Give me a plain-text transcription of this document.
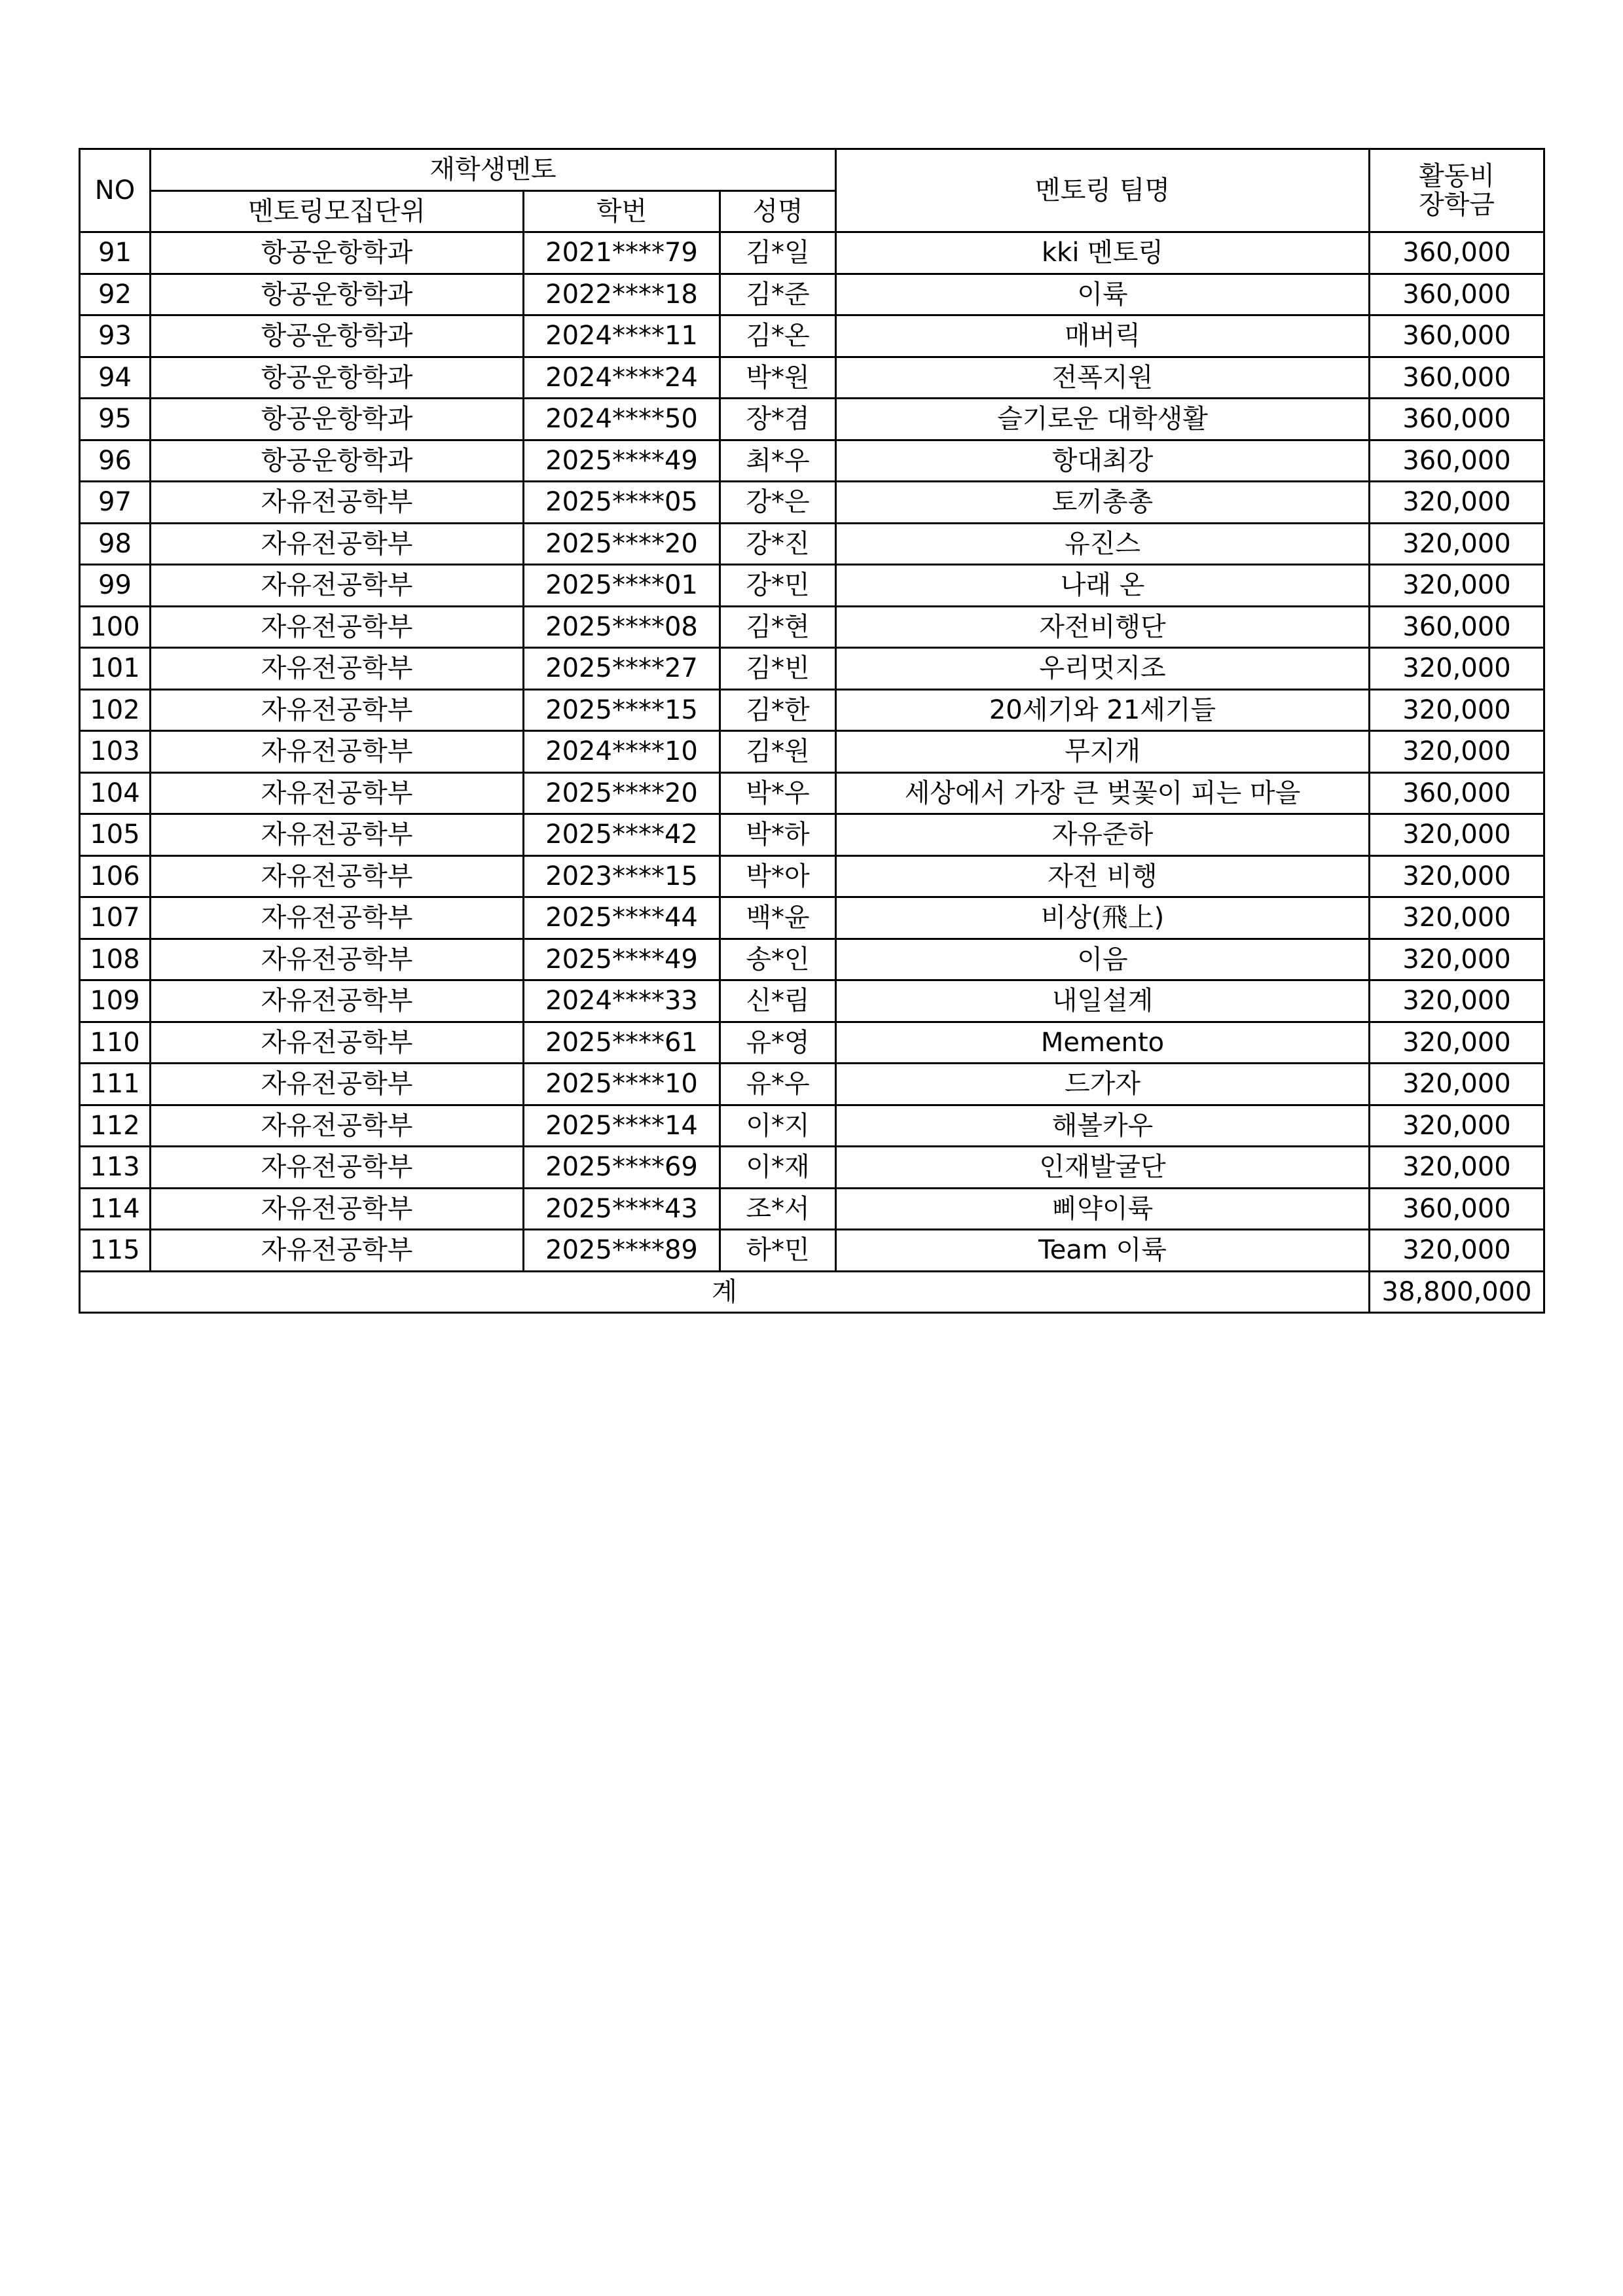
NO	재학생멘토			멘토링 팀명	활동비
장학금

	멘토링모집단위	학번	성명		
91	항공운항학과	2021****79	김*일	kki 멘토링	360,000
92	항공운항학과	2022****18	김*준	이륙	360,000
93	항공운항학과	2024****11	김*온	매버릭	360,000
94	항공운항학과	2024****24	박*원	전폭지원	360,000
95	항공운항학과	2024****50	장*겸	슬기로운 대학생활	360,000
96	항공운항학과	2025****49	최*우	항대최강	360,000
97	자유전공학부	2025****05	강*은	토끼총총	320,000
98	자유전공학부	2025****20	강*진	유진스	320,000
99	자유전공학부	2025****01	강*민	나래 온	320,000
100	자유전공학부	2025****08	김*현	자전비행단	360,000
101	자유전공학부	2025****27	김*빈	우리멋지조	320,000
102	자유전공학부	2025****15	김*한	20세기와 21세기들	320,000
103	자유전공학부	2024****10	김*원	무지개	320,000
104	자유전공학부	2025****20	박*우	세상에서 가장 큰 벚꽃이 피는 마을	360,000
105	자유전공학부	2025****42	박*하	자유준하	320,000
106	자유전공학부	2023****15	박*아	자전 비행	320,000
107	자유전공학부	2025****44	백*윤	비상(飛上)	320,000
108	자유전공학부	2025****49	송*인	이음	320,000
109	자유전공학부	2024****33	신*림	내일설계	320,000
110	자유전공학부	2025****61	유*영	Memento	320,000
111	자유전공학부	2025****10	유*우	드가자	320,000
112	자유전공학부	2025****14	이*지	해볼카우	320,000
113	자유전공학부	2025****69	이*재	인재발굴단	320,000
114	자유전공학부	2025****43	조*서	삐약이륙	360,000
115	자유전공학부	2025****89	하*민	Team 이륙	320,000
계					38,800,000
